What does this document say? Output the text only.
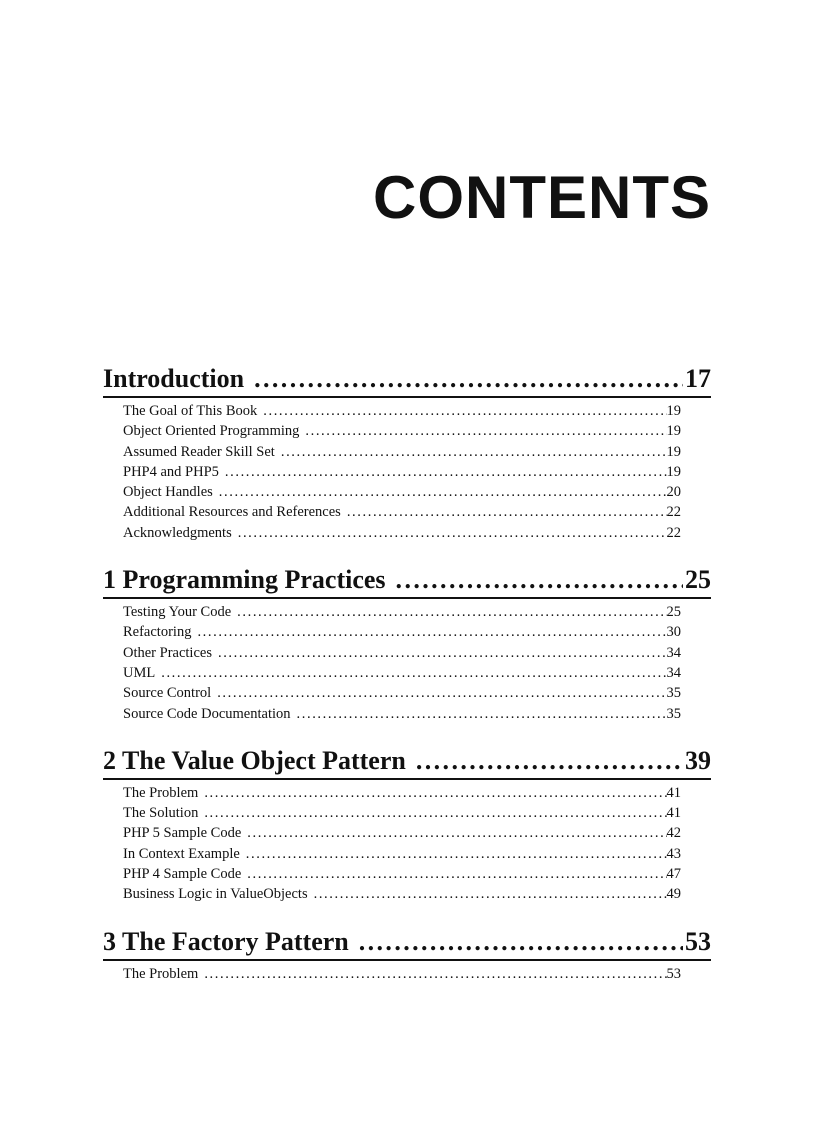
CONTENTS
Introduction .....	17
The Goal of This Book .....	19
Object Oriented Programming .....	19
Assumed Reader Skill Set .....	19
PHP4 and PHP5 .....	19
Object Handles .....	20
Additional Resources and References .....	22
Acknowledgments .....	22
1 Programming Practices .....	25
Testing Your Code .....	25
Refactoring .....	30
Other Practices .....	34
UML .....	34
Source Control .....	35
Source Code Documentation .....	35
2 The Value Object Pattern .....	39
The Problem .....	41
The Solution .....	41
PHP 5 Sample Code .....	42
In Context Example .....	43
PHP 4 Sample Code .....	47
Business Logic in ValueObjects .....	49
3 The Factory Pattern .....	53
The Problem .....	53
